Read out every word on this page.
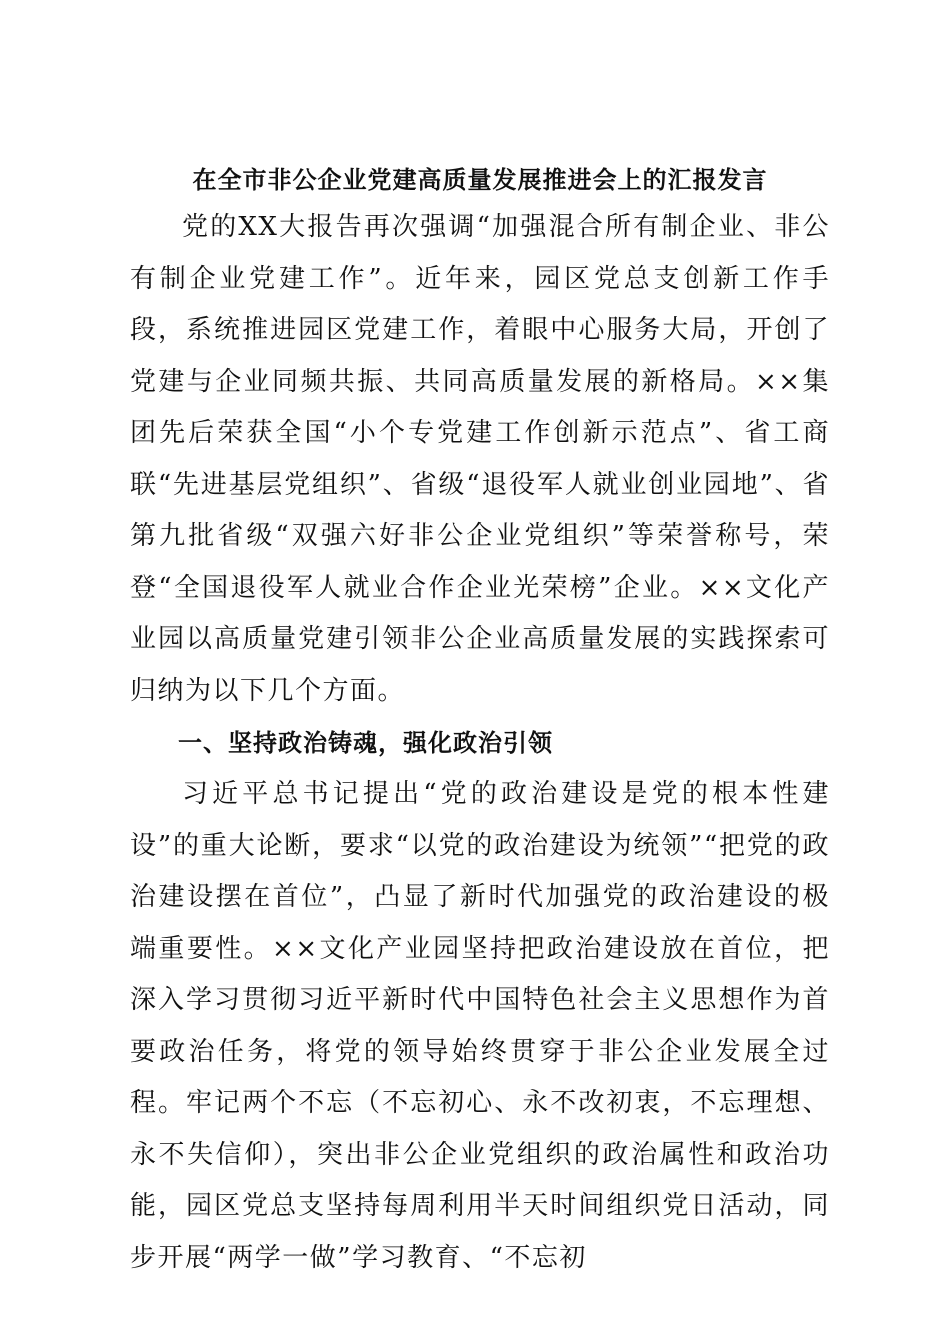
在全市非公企业党建高质量发展推进会上的汇报发言

党的XX大报告再次强调“加强混合所有制企业、非公有制企业党建工作”。近年来，园区党总支创新工作手段，系统推进园区党建工作，着眼中心服务大局，开创了党建与企业同频共振、共同高质量发展的新格局。××集团先后荣获全国“小个专党建工作创新示范点”、省工商联“先进基层党组织”、省级“退役军人就业创业园地”、省第九批省级“双强六好非公企业党组织”等荣誉称号，荣登“全国退役军人就业合作企业光荣榜”企业。××文化产业园以高质量党建引领非公企业高质量发展的实践探索可归纳为以下几个方面。

一、坚持政治铸魂，强化政治引领

习近平总书记提出“党的政治建设是党的根本性建设”的重大论断，要求“以党的政治建设为统领”“把党的政治建设摆在首位”，凸显了新时代加强党的政治建设的极端重要性。××文化产业园坚持把政治建设放在首位，把深入学习贯彻习近平新时代中国特色社会主义思想作为首要政治任务，将党的领导始终贯穿于非公企业发展全过程。牢记两个不忘（不忘初心、永不改初衷，不忘理想、永不失信仰），突出非公企业党组织的政治属性和政治功能，园区党总支坚持每周利用半天时间组织党日活动，同步开展“两学一做”学习教育、“不忘初
